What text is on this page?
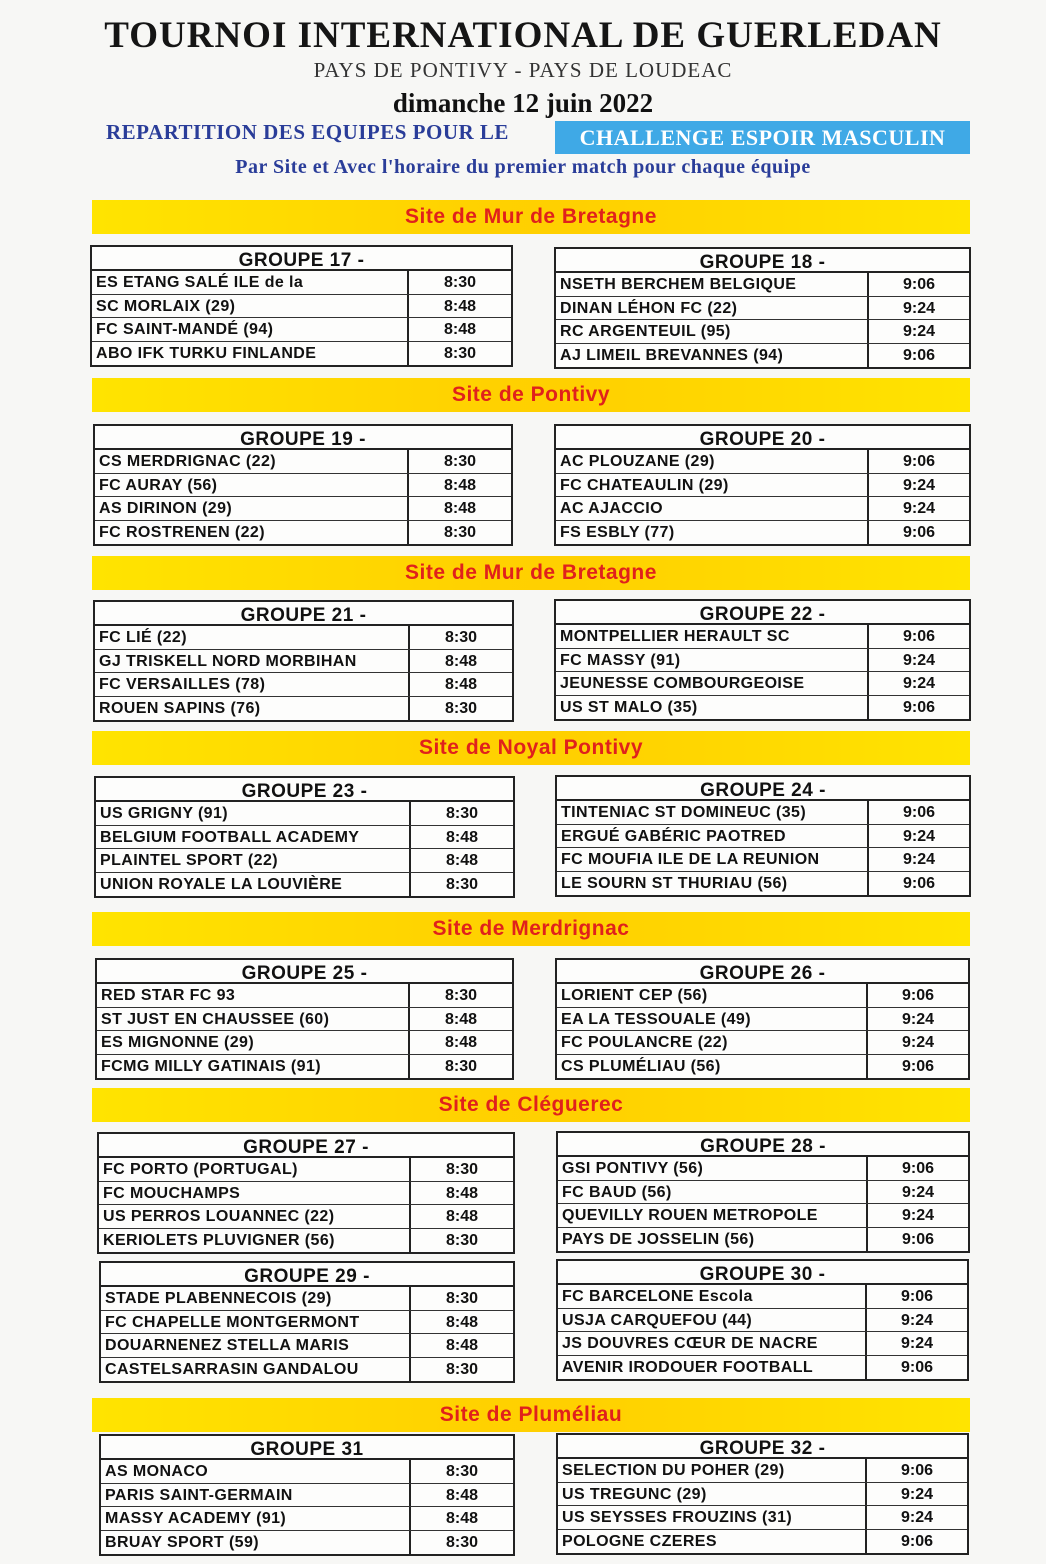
TOURNOI INTERNATIONAL DE GUERLEDAN
PAYS DE PONTIVY - PAYS DE LOUDEAC
dimanche 12 juin 2022
REPARTITION DES EQUIPES POUR LE	CHALLENGE ESPOIR MASCULIN
Par Site et Avec l'horaire du premier match pour chaque équipe
Site de Mur de Bretagne
Site de Pontivy
Site de Mur de Bretagne
Site de Noyal Pontivy
Site de Merdrignac
Site de Cléguerec
Site de Pluméliau
GROUPE 17 -
ES ETANG SALÉ ILE de la	8:30
SC MORLAIX (29)	8:48
FC SAINT-MANDÉ (94)	8:48
ABO IFK TURKU FINLANDE	8:30
GROUPE 18 -
NSETH BERCHEM BELGIQUE	9:06
DINAN LÉHON FC (22)	9:24
RC ARGENTEUIL (95)	9:24
AJ LIMEIL BREVANNES (94)	9:06
GROUPE 19 -
CS MERDRIGNAC (22)	8:30
FC AURAY (56)	8:48
AS DIRINON (29)	8:48
FC ROSTRENEN (22)	8:30
GROUPE 20 -
AC PLOUZANE (29)	9:06
FC CHATEAULIN (29)	9:24
AC AJACCIO	9:24
FS ESBLY (77)	9:06
GROUPE 21 -
FC LIÉ (22)	8:30
GJ TRISKELL NORD MORBIHAN	8:48
FC VERSAILLES (78)	8:48
ROUEN SAPINS (76)	8:30
GROUPE 22 -
MONTPELLIER HERAULT SC	9:06
FC MASSY (91)	9:24
JEUNESSE COMBOURGEOISE	9:24
US ST MALO (35)	9:06
GROUPE 23 -
US GRIGNY (91)	8:30
BELGIUM FOOTBALL ACADEMY	8:48
PLAINTEL SPORT (22)	8:48
UNION ROYALE LA LOUVIÈRE	8:30
GROUPE 24 -
TINTENIAC ST DOMINEUC (35)	9:06
ERGUÉ GABÉRIC PAOTRED	9:24
FC MOUFIA ILE DE LA REUNION	9:24
LE SOURN ST THURIAU (56)	9:06
GROUPE 25 -
RED STAR FC 93	8:30
ST JUST EN CHAUSSEE (60)	8:48
ES MIGNONNE (29)	8:48
FCMG MILLY GATINAIS (91)	8:30
GROUPE 26 -
LORIENT CEP (56)	9:06
EA LA TESSOUALE (49)	9:24
FC POULANCRE (22)	9:24
CS PLUMÉLIAU (56)	9:06
GROUPE 27 -
FC PORTO (PORTUGAL)	8:30
FC MOUCHAMPS	8:48
US PERROS LOUANNEC (22)	8:48
KERIOLETS PLUVIGNER (56)	8:30
GROUPE 28 -
GSI PONTIVY (56)	9:06
FC BAUD (56)	9:24
QUEVILLY ROUEN METROPOLE	9:24
PAYS DE JOSSELIN (56)	9:06
GROUPE 29 -
STADE PLABENNECOIS (29)	8:30
FC CHAPELLE MONTGERMONT	8:48
DOUARNENEZ STELLA MARIS	8:48
CASTELSARRASIN GANDALOU	8:30
GROUPE 30 -
FC BARCELONE Escola	9:06
USJA CARQUEFOU (44)	9:24
JS DOUVRES CŒUR DE NACRE	9:24
AVENIR IRODOUER FOOTBALL	9:06
GROUPE 31
AS MONACO	8:30
PARIS SAINT-GERMAIN	8:48
MASSY ACADEMY (91)	8:48
BRUAY SPORT (59)	8:30
GROUPE 32 -
SELECTION DU POHER (29)	9:06
US TREGUNC (29)	9:24
US SEYSSES FROUZINS (31)	9:24
POLOGNE CZERES	9:06
